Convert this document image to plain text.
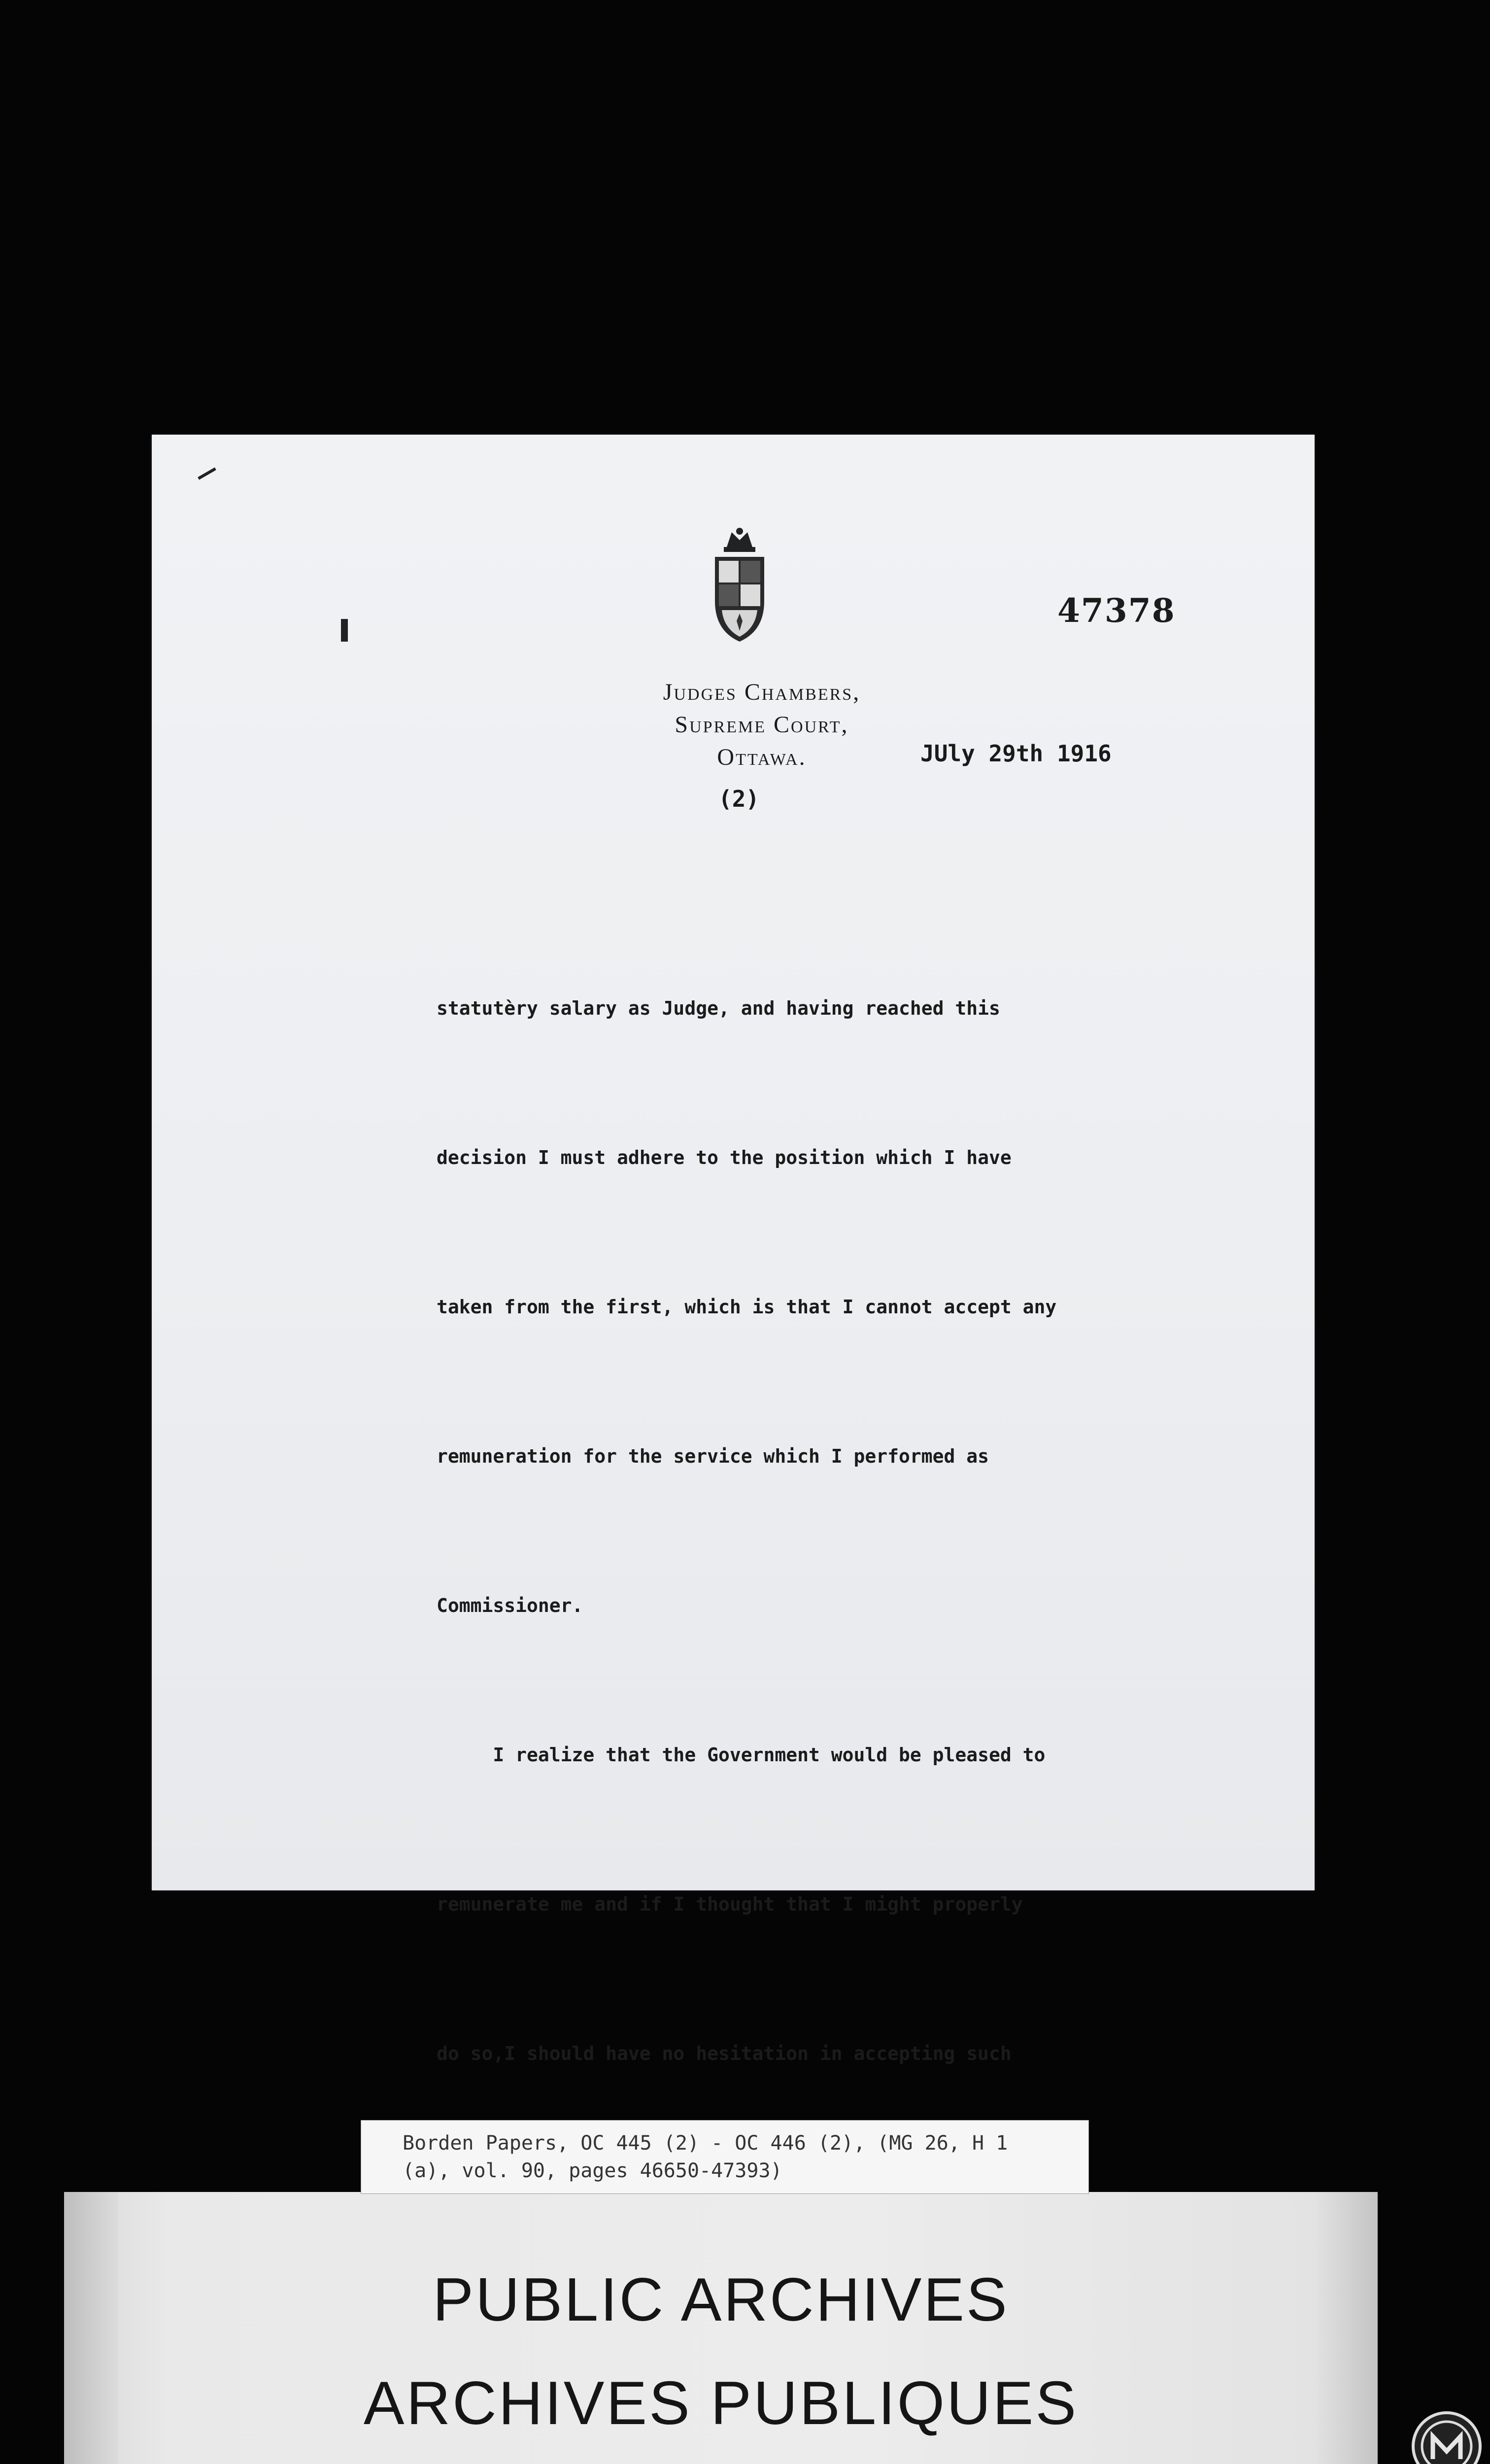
47378
Judges Chambers,
Supreme Court,
Ottawa.	JUly 29th 1916
(2)

statutèry salary as Judge, and having reached this

decision I must adhere to the position which I have

taken from the first, which is that I cannot accept any

remuneration for the service which I performed as

Commissioner.

I realize that the Government would be pleased to

remunerate me and if I thought that I might properly

do so,I should have no hesitation in accepting such

PUBLIC ARCHIVES
ARCHIVES PUBLIQUES
Borden Papers, OC 445 (2) - OC 446 (2), (MG 26, H 1
(a), vol. 90, pages 46650-47393)
